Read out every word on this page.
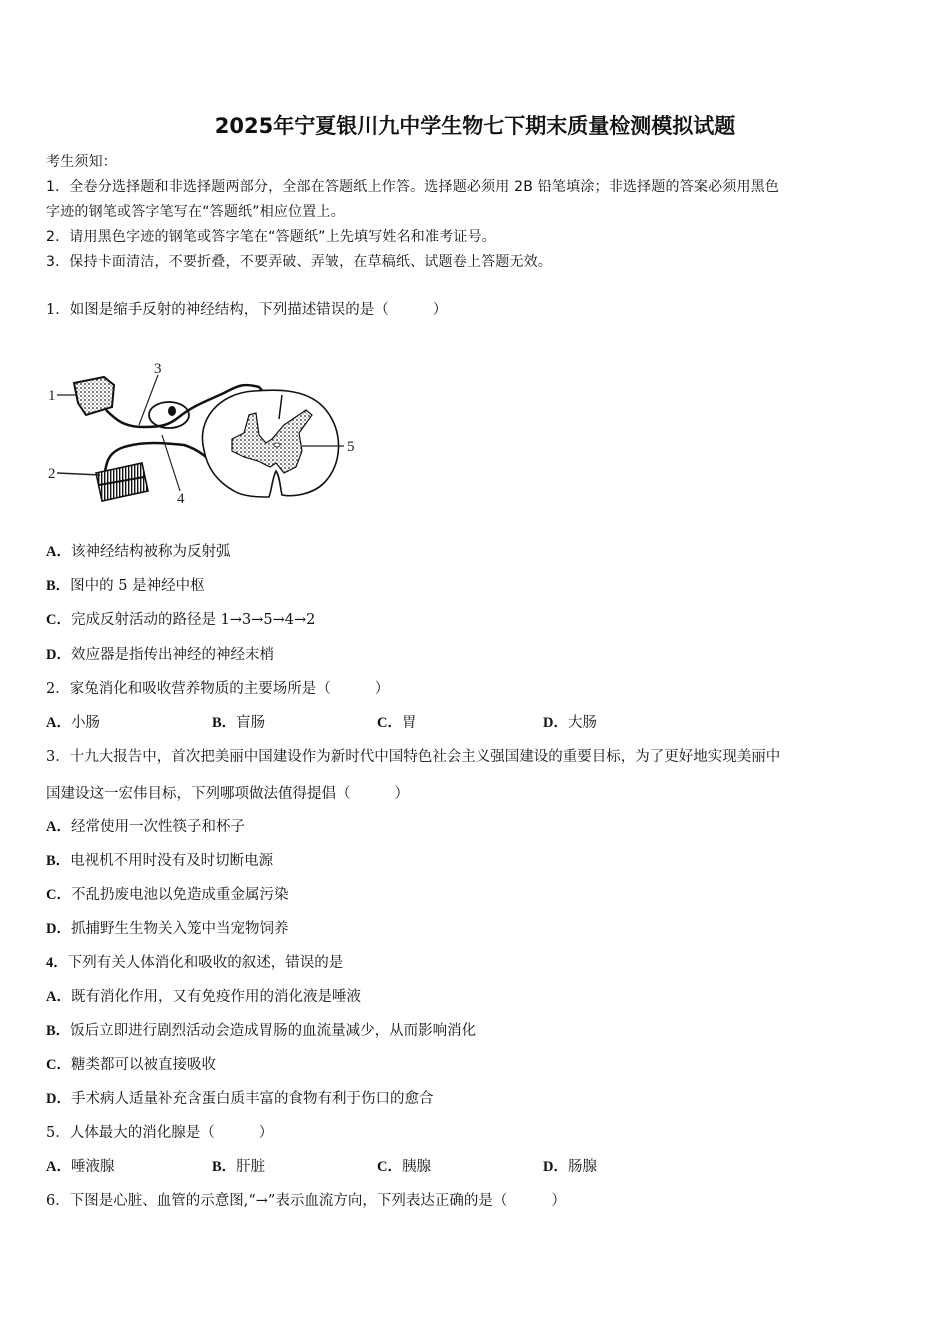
2025年宁夏银川九中学生物七下期末质量检测模拟试题
考生须知：
1．全卷分选择题和非选择题两部分，全部在答题纸上作答。选择题必须用 2B 铅笔填涂；非选择题的答案必须用黑色
字迹的钢笔或答字笔写在“答题纸”相应位置上。
2．请用黑色字迹的钢笔或答字笔在“答题纸”上先填写姓名和准考证号。
3．保持卡面清洁，不要折叠，不要弄破、弄皱，在草稿纸、试题卷上答题无效。
1．如图是缩手反射的神经结构，下列描述错误的是（	）
1
3
4
2
5
A．该神经结构被称为反射弧
B．图中的 5 是神经中枢
C．完成反射活动的路径是 1→3→5→4→2
D．效应器是指传出神经的神经末梢
2．家兔消化和吸收营养物质的主要场所是（	）
A．小肠	B．盲肠	C．胃	D．大肠
3．十九大报告中，首次把美丽中国建设作为新时代中国特色社会主义强国建设的重要目标，为了更好地实现美丽中
国建设这一宏伟目标，下列哪项做法值得提倡（	）
A．经常使用一次性筷子和杯子
B．电视机不用时没有及时切断电源
C．不乱扔废电池以免造成重金属污染
D．抓捕野生生物关入笼中当宠物饲养
4．下列有关人体消化和吸收的叙述，错误的是
A．既有消化作用，又有免疫作用的消化液是唾液
B．饭后立即进行剧烈活动会造成胃肠的血流量减少，从而影响消化
C．糖类都可以被直接吸收
D．手术病人适量补充含蛋白质丰富的食物有利于伤口的愈合
5．人体最大的消化腺是（	）
A．唾液腺	B．肝脏	C．胰腺	D．肠腺
6．下图是心脏、血管的示意图,“→”表示血流方向，下列表达正确的是（	）
